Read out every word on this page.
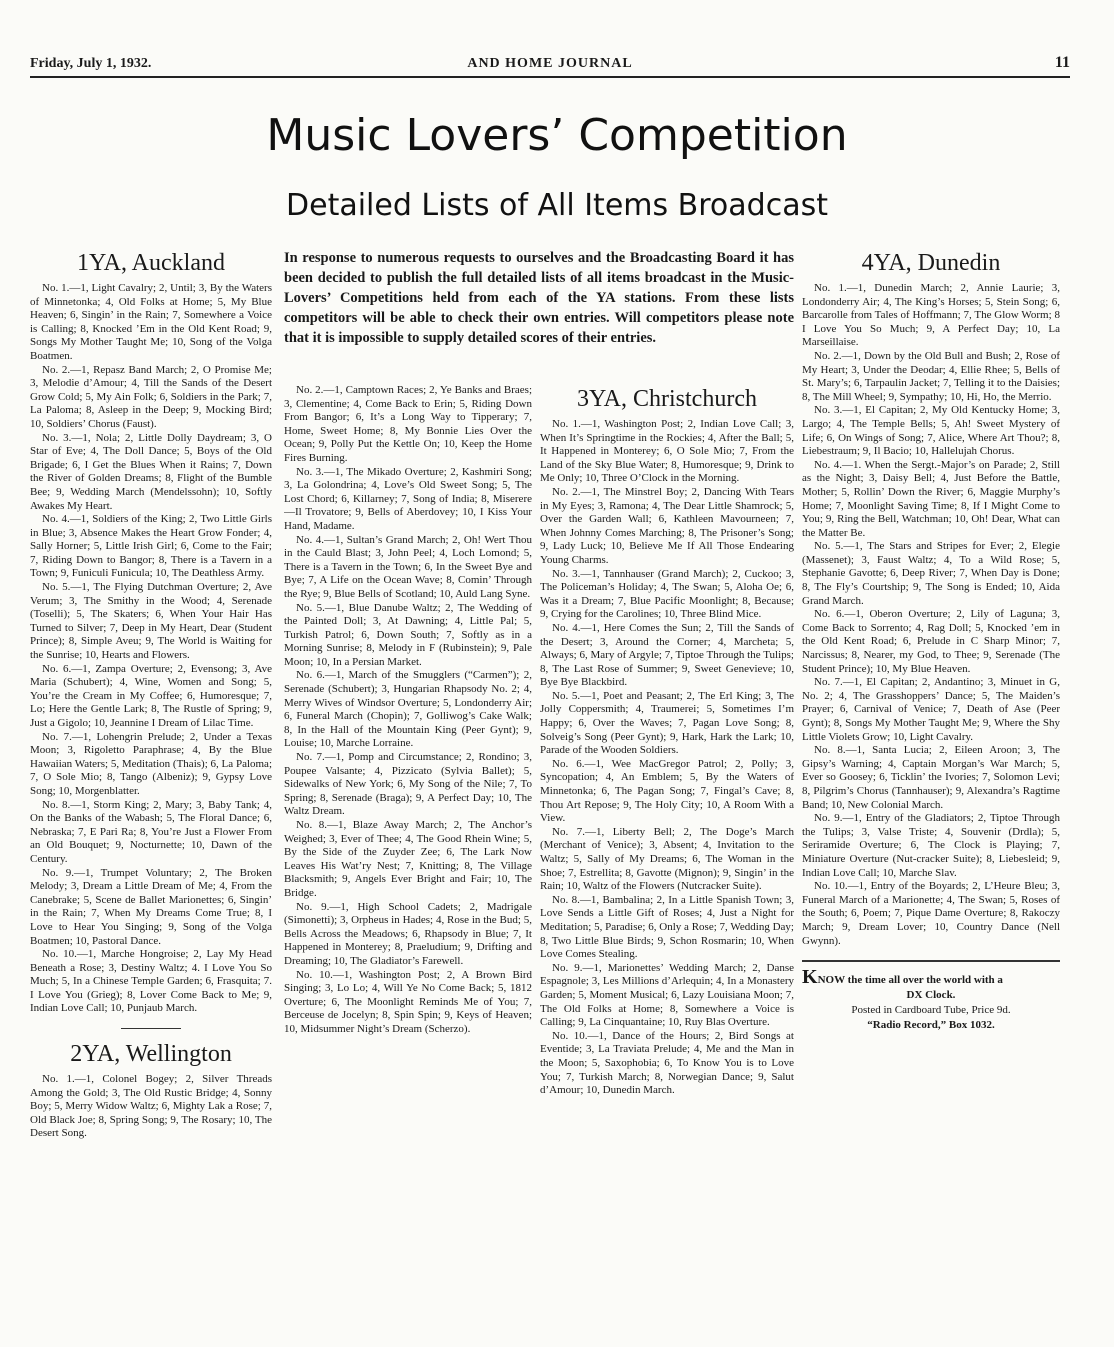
Friday, July 1, 1932.	AND HOME JOURNAL	11
Music Lovers’ Competition
Detailed Lists of All Items Broadcast
In response to numerous requests to ourselves and the Broadcasting Board it has been decided to publish the full detailed lists of all items broadcast in the Music-Lovers’ Competitions held from each of the YA stations. From these lists competitors will be able to check their own entries. Will competitors please note that it is impossible to supply detailed scores of their entries.
1YA, Auckland

No. 1.—1, Light Cavalry; 2, Until; 3, By the Waters of Minnetonka; 4, Old Folks at Home; 5, My Blue Heaven; 6, Singin’ in the Rain; 7, Somewhere a Voice is Calling; 8, Knocked ’Em in the Old Kent Road; 9, Songs My Mother Taught Me; 10, Song of the Volga Boatmen.

No. 2.—1, Repasz Band March; 2, O Promise Me; 3, Melodie d’Amour; 4, Till the Sands of the Desert Grow Cold; 5, My Ain Folk; 6, Soldiers in the Park; 7, La Paloma; 8, Asleep in the Deep; 9, Mocking Bird; 10, Soldiers’ Chorus (Faust).

No. 3.—1, Nola; 2, Little Dolly Daydream; 3, O Star of Eve; 4, The Doll Dance; 5, Boys of the Old Brigade; 6, I Get the Blues When it Rains; 7, Down the River of Golden Dreams; 8, Flight of the Bumble Bee; 9, Wedding March (Mendelssohn); 10, Softly Awakes My Heart.

No. 4.—1, Soldiers of the King; 2, Two Little Girls in Blue; 3, Absence Makes the Heart Grow Fonder; 4, Sally Horner; 5, Little Irish Girl; 6, Come to the Fair; 7, Riding Down to Bangor; 8, There is a Tavern in a Town; 9, Funiculi Funicula; 10, The Deathless Army.

No. 5.—1, The Flying Dutchman Overture; 2, Ave Verum; 3, The Smithy in the Wood; 4, Serenade (Toselli); 5, The Skaters; 6, When Your Hair Has Turned to Silver; 7, Deep in My Heart, Dear (Student Prince); 8, Simple Aveu; 9, The World is Waiting for the Sunrise; 10, Hearts and Flowers.

No. 6.—1, Zampa Overture; 2, Evensong; 3, Ave Maria (Schubert); 4, Wine, Women and Song; 5, You’re the Cream in My Coffee; 6, Humoresque; 7, Lo; Here the Gentle Lark; 8, The Rustle of Spring; 9, Just a Gigolo; 10, Jeannine I Dream of Lilac Time.

No. 7.—1, Lohengrin Prelude; 2, Under a Texas Moon; 3, Rigoletto Paraphrase; 4, By the Blue Hawaiian Waters; 5, Meditation (Thais); 6, La Paloma; 7, O Sole Mio; 8, Tango (Albeniz); 9, Gypsy Love Song; 10, Morgenblatter.

No. 8.—1, Storm King; 2, Mary; 3, Baby Tank; 4, On the Banks of the Wabash; 5, The Floral Dance; 6, Nebraska; 7, E Pari Ra; 8, You’re Just a Flower From an Old Bouquet; 9, Nocturnette; 10, Dawn of the Century.

No. 9.—1, Trumpet Voluntary; 2, The Broken Melody; 3, Dream a Little Dream of Me; 4, From the Canebrake; 5, Scene de Ballet Marionettes; 6, Singin’ in the Rain; 7, When My Dreams Come True; 8, I Love to Hear You Singing; 9, Song of the Volga Boatmen; 10, Pastoral Dance.

No. 10.—1, Marche Hongroise; 2, Lay My Head Beneath a Rose; 3, Destiny Waltz; 4. I Love You So Much; 5, In a Chinese Temple Garden; 6, Frasquita; 7. I Love You (Grieg); 8, Lover Come Back to Me; 9, Indian Love Call; 10, Punjaub March.

2YA, Wellington

No. 1.—1, Colonel Bogey; 2, Silver Threads Among the Gold; 3, The Old Rustic Bridge; 4, Sonny Boy; 5, Merry Widow Waltz; 6, Mighty Lak a Rose; 7, Old Black Joe; 8, Spring Song; 9, The Rosary; 10, The Desert Song.

No. 2.—1, Camptown Races; 2, Ye Banks and Braes; 3, Clementine; 4, Come Back to Erin; 5, Riding Down From Bangor; 6, It’s a Long Way to Tipperary; 7, Home, Sweet Home; 8, My Bonnie Lies Over the Ocean; 9, Polly Put the Kettle On; 10, Keep the Home Fires Burning.

No. 3.—1, The Mikado Overture; 2, Kashmiri Song; 3, La Golondrina; 4, Love’s Old Sweet Song; 5, The Lost Chord; 6, Killarney; 7, Song of India; 8, Miserere—Il Trovatore; 9, Bells of Aberdovey; 10, I Kiss Your Hand, Madame.

No. 4.—1, Sultan’s Grand March; 2, Oh! Wert Thou in the Cauld Blast; 3, John Peel; 4, Loch Lomond; 5, There is a Tavern in the Town; 6, In the Sweet Bye and Bye; 7, A Life on the Ocean Wave; 8, Comin’ Through the Rye; 9, Blue Bells of Scotland; 10, Auld Lang Syne.

No. 5.—1, Blue Danube Waltz; 2, The Wedding of the Painted Doll; 3, At Dawning; 4, Little Pal; 5, Turkish Patrol; 6, Down South; 7, Softly as in a Morning Sunrise; 8, Melody in F (Rubinstein); 9, Pale Moon; 10, In a Persian Market.

No. 6.—1, March of the Smugglers (“Carmen”); 2, Serenade (Schubert); 3, Hungarian Rhapsody No. 2; 4, Merry Wives of Windsor Overture; 5, Londonderry Air; 6, Funeral March (Chopin); 7, Golliwog’s Cake Walk; 8, In the Hall of the Mountain King (Peer Gynt); 9, Louise; 10, Marche Lorraine.

No. 7.—1, Pomp and Circumstance; 2, Rondino; 3, Poupee Valsante; 4, Pizzicato (Sylvia Ballet); 5, Sidewalks of New York; 6, My Song of the Nile; 7, To Spring; 8, Serenade (Braga); 9, A Perfect Day; 10, The Waltz Dream.

No. 8.—1, Blaze Away March; 2, The Anchor’s Weighed; 3, Ever of Thee; 4, The Good Rhein Wine; 5, By the Side of the Zuyder Zee; 6, The Lark Now Leaves His Wat’ry Nest; 7, Knitting; 8, The Village Blacksmith; 9, Angels Ever Bright and Fair; 10, The Bridge.

No. 9.—1, High School Cadets; 2, Madrigale (Simonetti); 3, Orpheus in Hades; 4, Rose in the Bud; 5, Bells Across the Meadows; 6, Rhapsody in Blue; 7, It Happened in Monterey; 8, Praeludium; 9, Drifting and Dreaming; 10, The Gladiator’s Farewell.

No. 10.—1, Washington Post; 2, A Brown Bird Singing; 3, Lo Lo; 4, Will Ye No Come Back; 5, 1812 Overture; 6, The Moonlight Reminds Me of You; 7, Berceuse de Jocelyn; 8, Spin Spin; 9, Keys of Heaven; 10, Midsummer Night’s Dream (Scherzo).

3YA, Christchurch

No. 1.—1, Washington Post; 2, Indian Love Call; 3, When It’s Springtime in the Rockies; 4, After the Ball; 5, It Happened in Monterey; 6, O Sole Mio; 7, From the Land of the Sky Blue Water; 8, Humoresque; 9, Drink to Me Only; 10, Three O’Clock in the Morning.

No. 2.—1, The Minstrel Boy; 2, Dancing With Tears in My Eyes; 3, Ramona; 4, The Dear Little Shamrock; 5, Over the Garden Wall; 6, Kathleen Mavourneen; 7, When Johnny Comes Marching; 8, The Prisoner’s Song; 9, Lady Luck; 10, Believe Me If All Those Endearing Young Charms.

No. 3.—1, Tannhauser (Grand March); 2, Cuckoo; 3, The Policeman’s Holiday; 4, The Swan; 5, Aloha Oe; 6, Was it a Dream; 7, Blue Pacific Moonlight; 8, Because; 9, Crying for the Carolines; 10, Three Blind Mice.

No. 4.—1, Here Comes the Sun; 2, Till the Sands of the Desert; 3, Around the Corner; 4, Marcheta; 5, Always; 6, Mary of Argyle; 7, Tiptoe Through the Tulips; 8, The Last Rose of Summer; 9, Sweet Genevieve; 10, Bye Bye Blackbird.

No. 5.—1, Poet and Peasant; 2, The Erl King; 3, The Jolly Coppersmith; 4, Traumerei; 5, Sometimes I’m Happy; 6, Over the Waves; 7, Pagan Love Song; 8, Solveig’s Song (Peer Gynt); 9, Hark, Hark the Lark; 10, Parade of the Wooden Soldiers.

No. 6.—1, Wee MacGregor Patrol; 2, Polly; 3, Syncopation; 4, An Emblem; 5, By the Waters of Minnetonka; 6, The Pagan Song; 7, Fingal’s Cave; 8, Thou Art Repose; 9, The Holy City; 10, A Room With a View.

No. 7.—1, Liberty Bell; 2, The Doge’s March (Merchant of Venice); 3, Absent; 4, Invitation to the Waltz; 5, Sally of My Dreams; 6, The Woman in the Shoe; 7, Estrellita; 8, Gavotte (Mignon); 9, Singin’ in the Rain; 10, Waltz of the Flowers (Nutcracker Suite).

No. 8.—1, Bambalina; 2, In a Little Spanish Town; 3, Love Sends a Little Gift of Roses; 4, Just a Night for Meditation; 5, Paradise; 6, Only a Rose; 7, Wedding Day; 8, Two Little Blue Birds; 9, Schon Rosmarin; 10, When Love Comes Stealing.

No. 9.—1, Marionettes’ Wedding March; 2, Danse Espagnole; 3, Les Millions d’Arlequin; 4, In a Monastery Garden; 5, Moment Musical; 6, Lazy Louisiana Moon; 7, The Old Folks at Home; 8, Somewhere a Voice is Calling; 9, La Cinquantaine; 10, Ruy Blas Overture.

No. 10.—1, Dance of the Hours; 2, Bird Songs at Eventide; 3, La Traviata Prelude; 4, Me and the Man in the Moon; 5, Saxophobia; 6, To Know You is to Love You; 7, Turkish March; 8, Norwegian Dance; 9, Salut d’Amour; 10, Dunedin March.

4YA, Dunedin

No. 1.—1, Dunedin March; 2, Annie Laurie; 3, Londonderry Air; 4, The King’s Horses; 5, Stein Song; 6, Barcarolle from Tales of Hoffmann; 7, The Glow Worm; 8 I Love You So Much; 9, A Perfect Day; 10, La Marseillaise.

No. 2.—1, Down by the Old Bull and Bush; 2, Rose of My Heart; 3, Under the Deodar; 4, Ellie Rhee; 5, Bells of St. Mary’s; 6, Tarpaulin Jacket; 7, Telling it to the Daisies; 8, The Mill Wheel; 9, Sympathy; 10, Hi, Ho, the Merrio.

No. 3.—1, El Capitan; 2, My Old Kentucky Home; 3, Largo; 4, The Temple Bells; 5, Ah! Sweet Mystery of Life; 6, On Wings of Song; 7, Alice, Where Art Thou?; 8, Liebestraum; 9, Il Bacio; 10, Hallelujah Chorus.

No. 4.—1. When the Sergt.-Major’s on Parade; 2, Still as the Night; 3, Daisy Bell; 4, Just Before the Battle, Mother; 5, Rollin’ Down the River; 6, Maggie Murphy’s Home; 7, Moonlight Saving Time; 8, If I Might Come to You; 9, Ring the Bell, Watchman; 10, Oh! Dear, What can the Matter Be.

No. 5.—1, The Stars and Stripes for Ever; 2, Elegie (Massenet); 3, Faust Waltz; 4, To a Wild Rose; 5, Stephanie Gavotte; 6, Deep River; 7, When Day is Done; 8, The Fly’s Courtship; 9, The Song is Ended; 10, Aida Grand March.

No. 6.—1, Oberon Overture; 2, Lily of Laguna; 3, Come Back to Sorrento; 4, Rag Doll; 5, Knocked ’em in the Old Kent Road; 6, Prelude in C Sharp Minor; 7, Narcissus; 8, Nearer, my God, to Thee; 9, Serenade (The Student Prince); 10, My Blue Heaven.

No. 7.—1, El Capitan; 2, Andantino; 3, Minuet in G, No. 2; 4, The Grasshoppers’ Dance; 5, The Maiden’s Prayer; 6, Carnival of Venice; 7, Death of Ase (Peer Gynt); 8, Songs My Mother Taught Me; 9, Where the Shy Little Violets Grow; 10, Light Cavalry.

No. 8.—1, Santa Lucia; 2, Eileen Aroon; 3, The Gipsy’s Warning; 4, Captain Morgan’s War March; 5, Ever so Goosey; 6, Ticklin’ the Ivories; 7, Solomon Levi; 8, Pilgrim’s Chorus (Tannhauser); 9, Alexandra’s Ragtime Band; 10, New Colonial March.

No. 9.—1, Entry of the Gladiators; 2, Tiptoe Through the Tulips; 3, Valse Triste; 4, Souvenir (Drdla); 5, Seriramide Overture; 6, The Clock is Playing; 7, Miniature Overture (Nut-cracker Suite); 8, Liebesleid; 9, Indian Love Call; 10, Marche Slav.

No. 10.—1, Entry of the Boyards; 2, L’Heure Bleu; 3, Funeral March of a Marionette; 4, The Swan; 5, Roses of the South; 6, Poem; 7, Pique Dame Overture; 8, Rakoczy March; 9, Dream Lover; 10, Country Dance (Nell Gwynn).

KNOW the time all over the world with a
DX Clock.
Posted in Cardboard Tube, Price 9d.
“Radio Record,” Box 1032.
